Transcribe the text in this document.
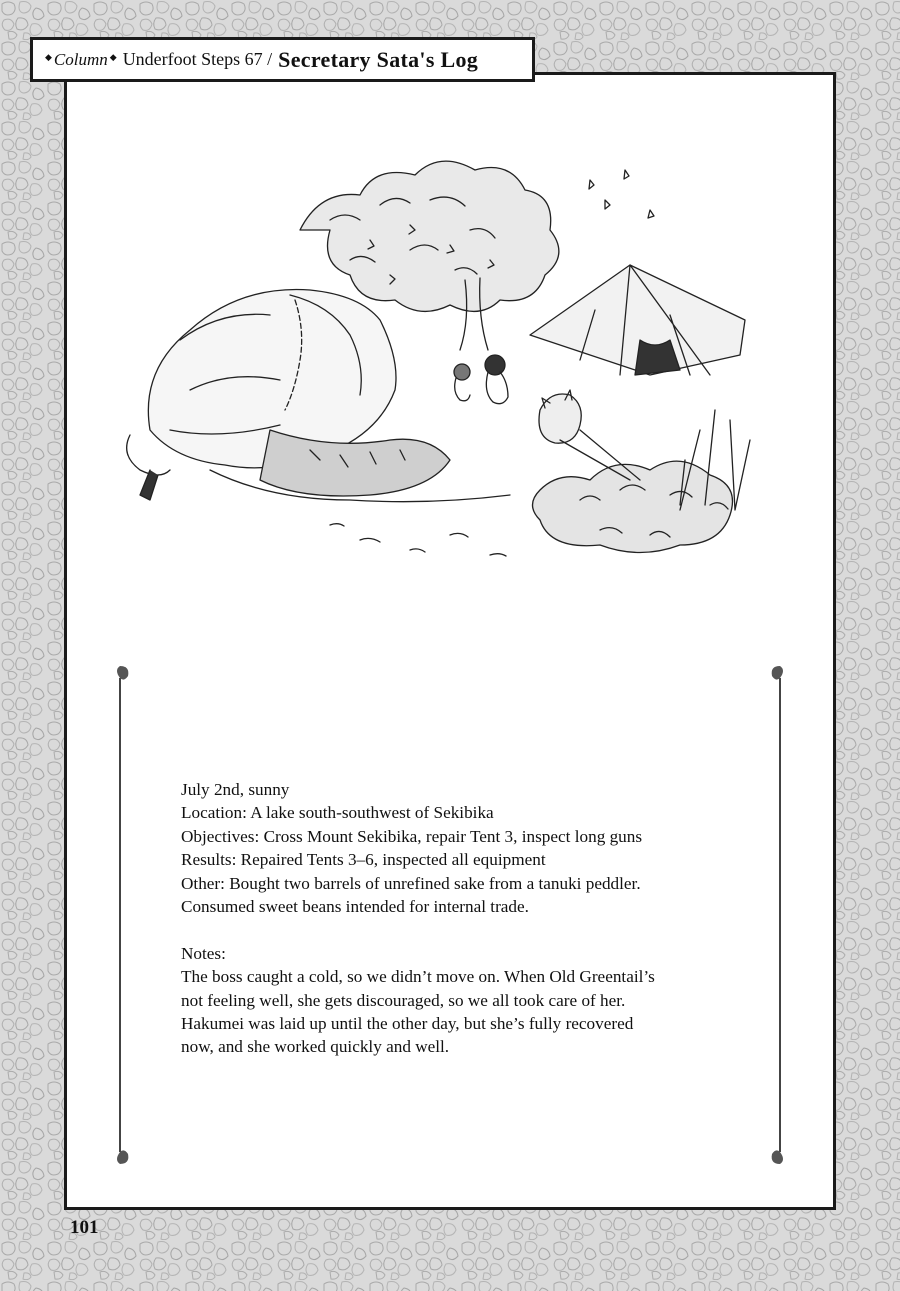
◆ Column ◆ Underfoot Steps 67 / Secretary Sata's Log
July 2nd, sunny
Location: A lake south-southwest of Sekibika
Objectives: Cross Mount Sekibika, repair Tent 3, inspect long guns
Results: Repaired Tents 3–6, inspected all equipment
Other: Bought two barrels of unrefined sake from a tanuki peddler.
Consumed sweet beans intended for internal trade.
Notes:
The boss caught a cold, so we didn’t move on. When Old Greentail’s
not feeling well, she gets discouraged, so we all took care of her.
Hakumei was laid up until the other day, but she’s fully recovered
now, and she worked quickly and well.
101
